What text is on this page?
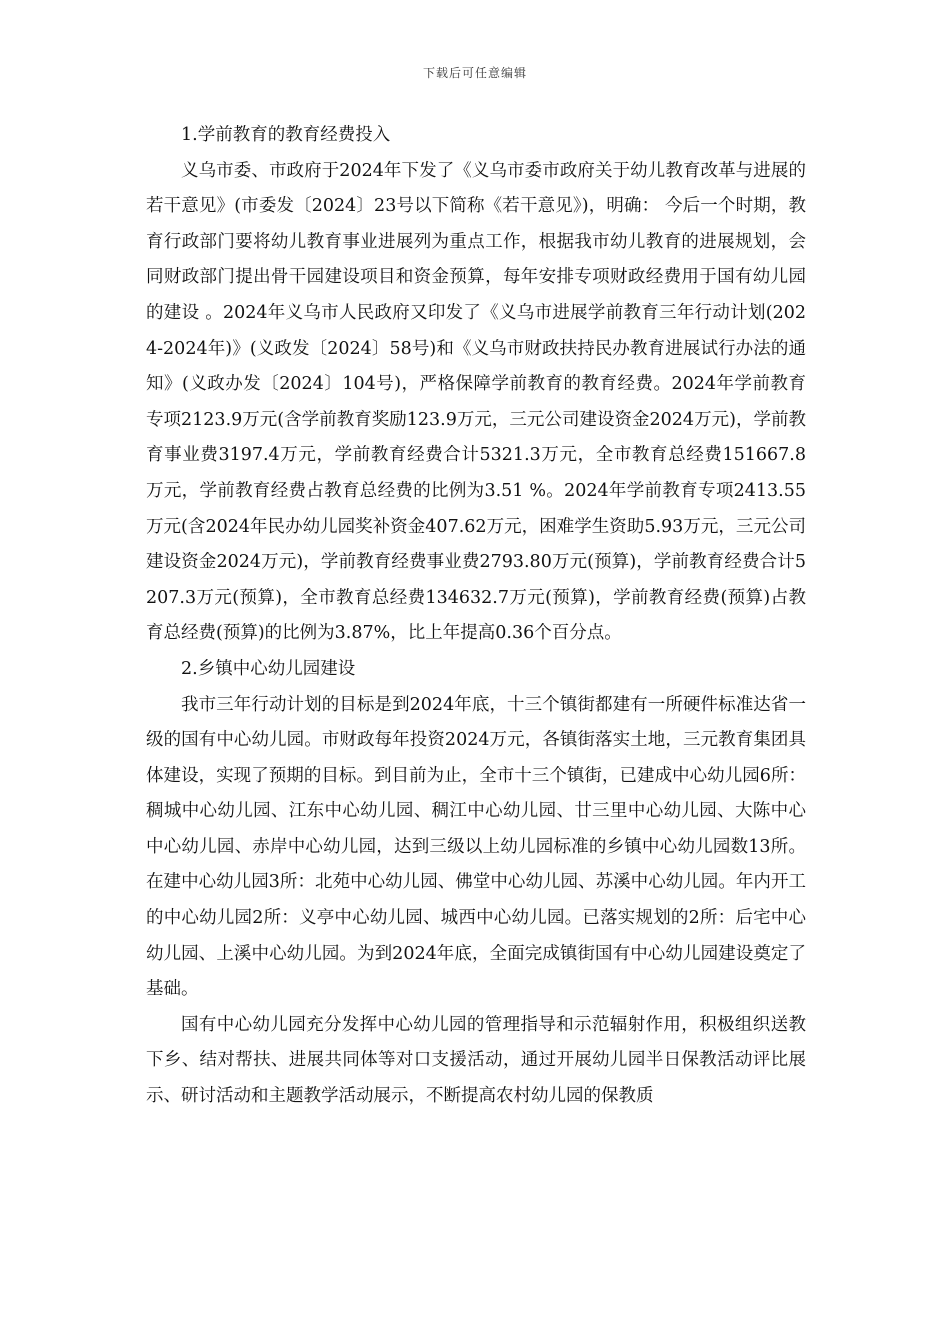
下载后可任意编辑

1.学前教育的教育经费投入

义乌市委、市政府于2024年下发了《义乌市委市政府关于幼儿教育改革与进展的若干意见》(市委发〔2024〕23号以下简称《若干意见》)，明确： 今后一个时期，教育行政部门要将幼儿教育事业进展列为重点工作，根据我市幼儿教育的进展规划，会同财政部门提出骨干园建设项目和资金预算，每年安排专项财政经费用于国有幼儿园的建设 。2024年义乌市人民政府又印发了《义乌市进展学前教育三年行动计划(2024-2024年)》(义政发〔2024〕58号)和《义乌市财政扶持民办教育进展试行办法的通知》(义政办发〔2024〕104号)，严格保障学前教育的教育经费。2024年学前教育专项2123.9万元(含学前教育奖励123.9万元，三元公司建设资金2024万元)，学前教育事业费3197.4万元，学前教育经费合计5321.3万元，全市教育总经费151667.8万元，学前教育经费占教育总经费的比例为3.51 %。2024年学前教育专项2413.55万元(含2024年民办幼儿园奖补资金407.62万元，困难学生资助5.93万元，三元公司建设资金2024万元)，学前教育经费事业费2793.80万元(预算)，学前教育经费合计5207.3万元(预算)，全市教育总经费134632.7万元(预算)，学前教育经费(预算)占教育总经费(预算)的比例为3.87%，比上年提高0.36个百分点。

2.乡镇中心幼儿园建设

我市三年行动计划的目标是到2024年底，十三个镇街都建有一所硬件标准达省一级的国有中心幼儿园。市财政每年投资2024万元，各镇街落实土地，三元教育集团具体建设，实现了预期的目标。到目前为止，全市十三个镇街，已建成中心幼儿园6所：稠城中心幼儿园、江东中心幼儿园、稠江中心幼儿园、廿三里中心幼儿园、大陈中心中心幼儿园、赤岸中心幼儿园，达到三级以上幼儿园标准的乡镇中心幼儿园数13所。在建中心幼儿园3所：北苑中心幼儿园、佛堂中心幼儿园、苏溪中心幼儿园。年内开工的中心幼儿园2所：义亭中心幼儿园、城西中心幼儿园。已落实规划的2所：后宅中心幼儿园、上溪中心幼儿园。为到2024年底，全面完成镇街国有中心幼儿园建设奠定了基础。

国有中心幼儿园充分发挥中心幼儿园的管理指导和示范辐射作用，积极组织送教下乡、结对帮扶、进展共同体等对口支援活动，通过开展幼儿园半日保教活动评比展示、研讨活动和主题教学活动展示，不断提高农村幼儿园的保教质
